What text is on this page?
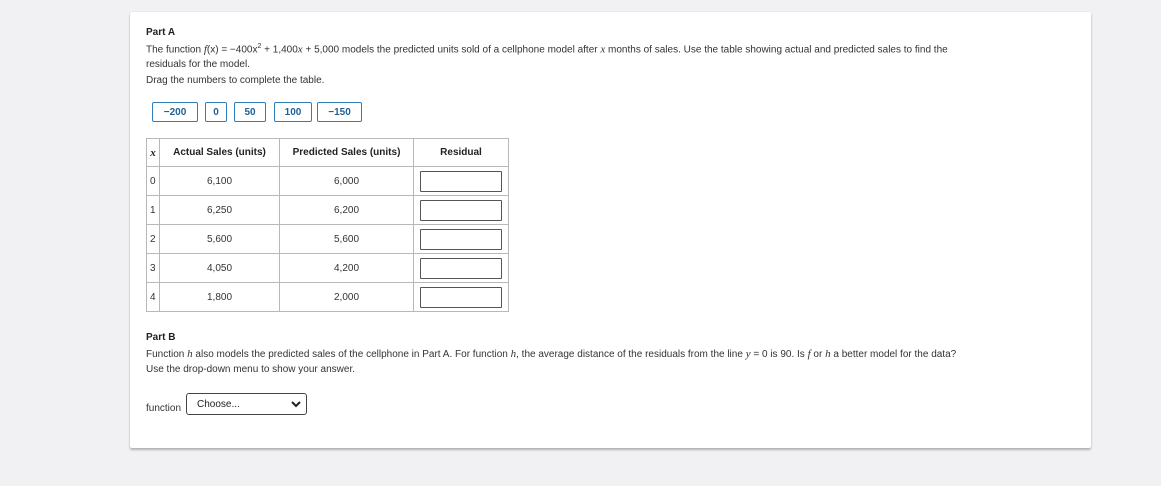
Part A
The function $f(x) = -400x^2 + 1,400x + 5,000$ models the predicted units sold of a cellphone model after x months of sales. Use the table showing actual and predicted sales to find the
residuals for the model.
Drag the numbers to complete the table.
−200	0	50	100	−150
x	Actual Sales (units)	Predicted Sales (units)	Residual
0	6,100	6,000	
1	6,250	6,200	
2	5,600	5,600	
3	4,050	4,200	
4	1,800	2,000	
Part B
Function h also models the predicted sales of the cellphone in Part A. For function h, the average distance of the residuals from the line y = 0 is 90. Is f or h a better model for the data?
Use the drop-down menu to show your answer.
function Choose...
